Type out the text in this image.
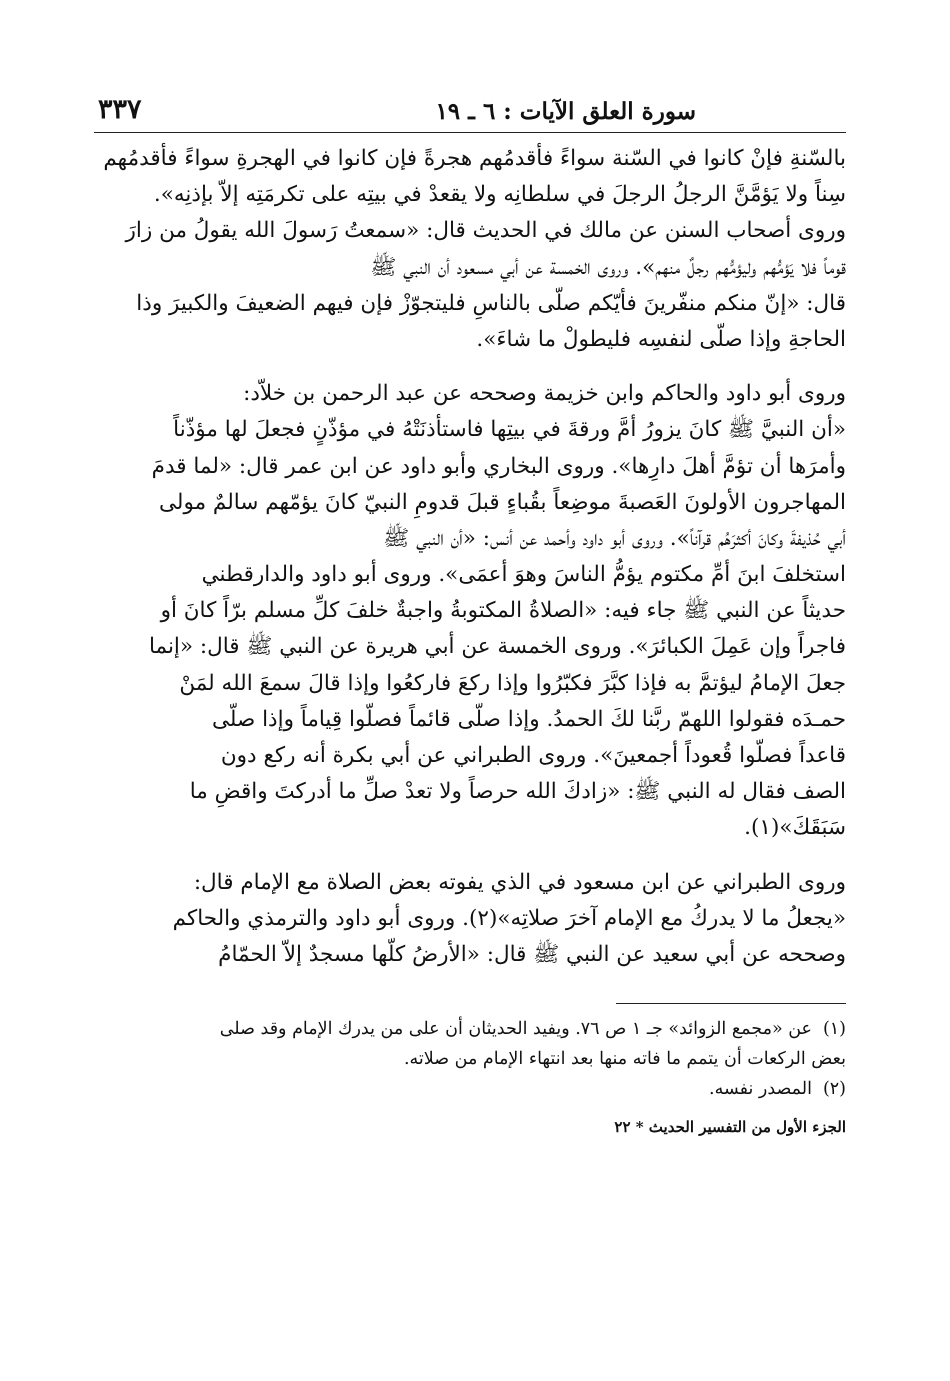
سورة العلق الآيات : ٦ ـ ١٩
٣٣٧
بالسّنةِ فإنْ كانوا في السّنة سواءً فأقدمُهم هجرةً فإن كانوا في الهجرةِ سواءً فأقدمُهم
سِناً ولا يَؤمَّنَّ الرجلُ الرجلَ في سلطانِه ولا يقعدْ في بيتِه على تكرمَتِه إلاّ بإذنِه».
وروى أصحاب السنن عن مالك في الحديث قال: «سمعتُ رَسولَ الله يقولُ من زارَ
قوماً فلا يَؤمُّهم وليؤمُّهم رجلٌ منهم». وروى الخمسة عن أبي مسعود أن النبي ﷺ
قال: «إنّ منكم منفّرينَ فأيّكم صلّى بالناسِ فليتجوّزْ فإن فيهم الضعيفَ والكبيرَ وذا
الحاجةِ وإذا صلّى لنفسِه فليطولْ ما شاءَ».
وروى أبو داود والحاكم وابن خزيمة وصححه عن عبد الرحمن بن خلاّد:
«أن النبيَّ ﷺ كانَ يزورُ أمَّ ورقةَ في بيتِها فاستأذنَتْهُ في مؤذّنٍ فجعلَ لها مؤذّناً
وأمرَها أن تؤمَّ أهلَ دارِها». وروى البخاري وأبو داود عن ابن عمر قال: «لما قدمَ
المهاجرون الأولونَ العَصبةَ موضِعاً بقُباءٍ قبلَ قدومِ النبيّ كانَ يؤمّهم سالمٌ مولى
أبي حُذيفةَ وكانَ أكثرَهُم قرآناً». وروى أبو داود وأحمد عن أنس: «أن النبي ﷺ
استخلفَ ابنَ أمِّ مكتوم يؤمُّ الناسَ وهوَ أعمَى». وروى أبو داود والدارقطني
حديثاً عن النبي ﷺ جاء فيه: «الصلاةُ المكتوبةُ واجبةٌ خلفَ كلِّ مسلم برّاً كانَ أو
فاجراً وإن عَمِلَ الكبائرَ». وروى الخمسة عن أبي هريرة عن النبي ﷺ قال: «إنما
جعلَ الإمامُ ليؤتمَّ به فإذا كبَّرَ فكبّرُوا وإذا ركعَ فاركعُوا وإذا قالَ سمعَ الله لمَنْ
حمـدَه فقولوا اللهمّ ربَّنا لكَ الحمدُ. وإذا صلّى قائماً فصلّوا قِياماً وإذا صلّى
قاعداً فصلّوا قُعوداً أجمعينَ». وروى الطبراني عن أبي بكرة أنه ركع دون
الصف فقال له النبي ﷺ: «زادكَ الله حرصاً ولا تعدْ صلِّ ما أدركتَ واقضِ ما
سَبَقَكَ»(١).
وروى الطبراني عن ابن مسعود في الذي يفوته بعض الصلاة مع الإمام قال:
«يجعلُ ما لا يدركُ مع الإمام آخرَ صلاتِه»(٢). وروى أبو داود والترمذي والحاكم
وصححه عن أبي سعيد عن النبي ﷺ قال: «الأرضُ كلّها مسجدٌ إلاّ الحمّامُ
(١)عن «مجمع الزوائد» جـ ١ ص ٧٦. ويفيد الحديثان أن على من يدرك الإمام وقد صلى
بعض الركعات أن يتمم ما فاته منها بعد انتهاء الإمام من صلاته.
(٢)المصدر نفسه.
الجزء الأول من التفسير الحديث * ٢٢
